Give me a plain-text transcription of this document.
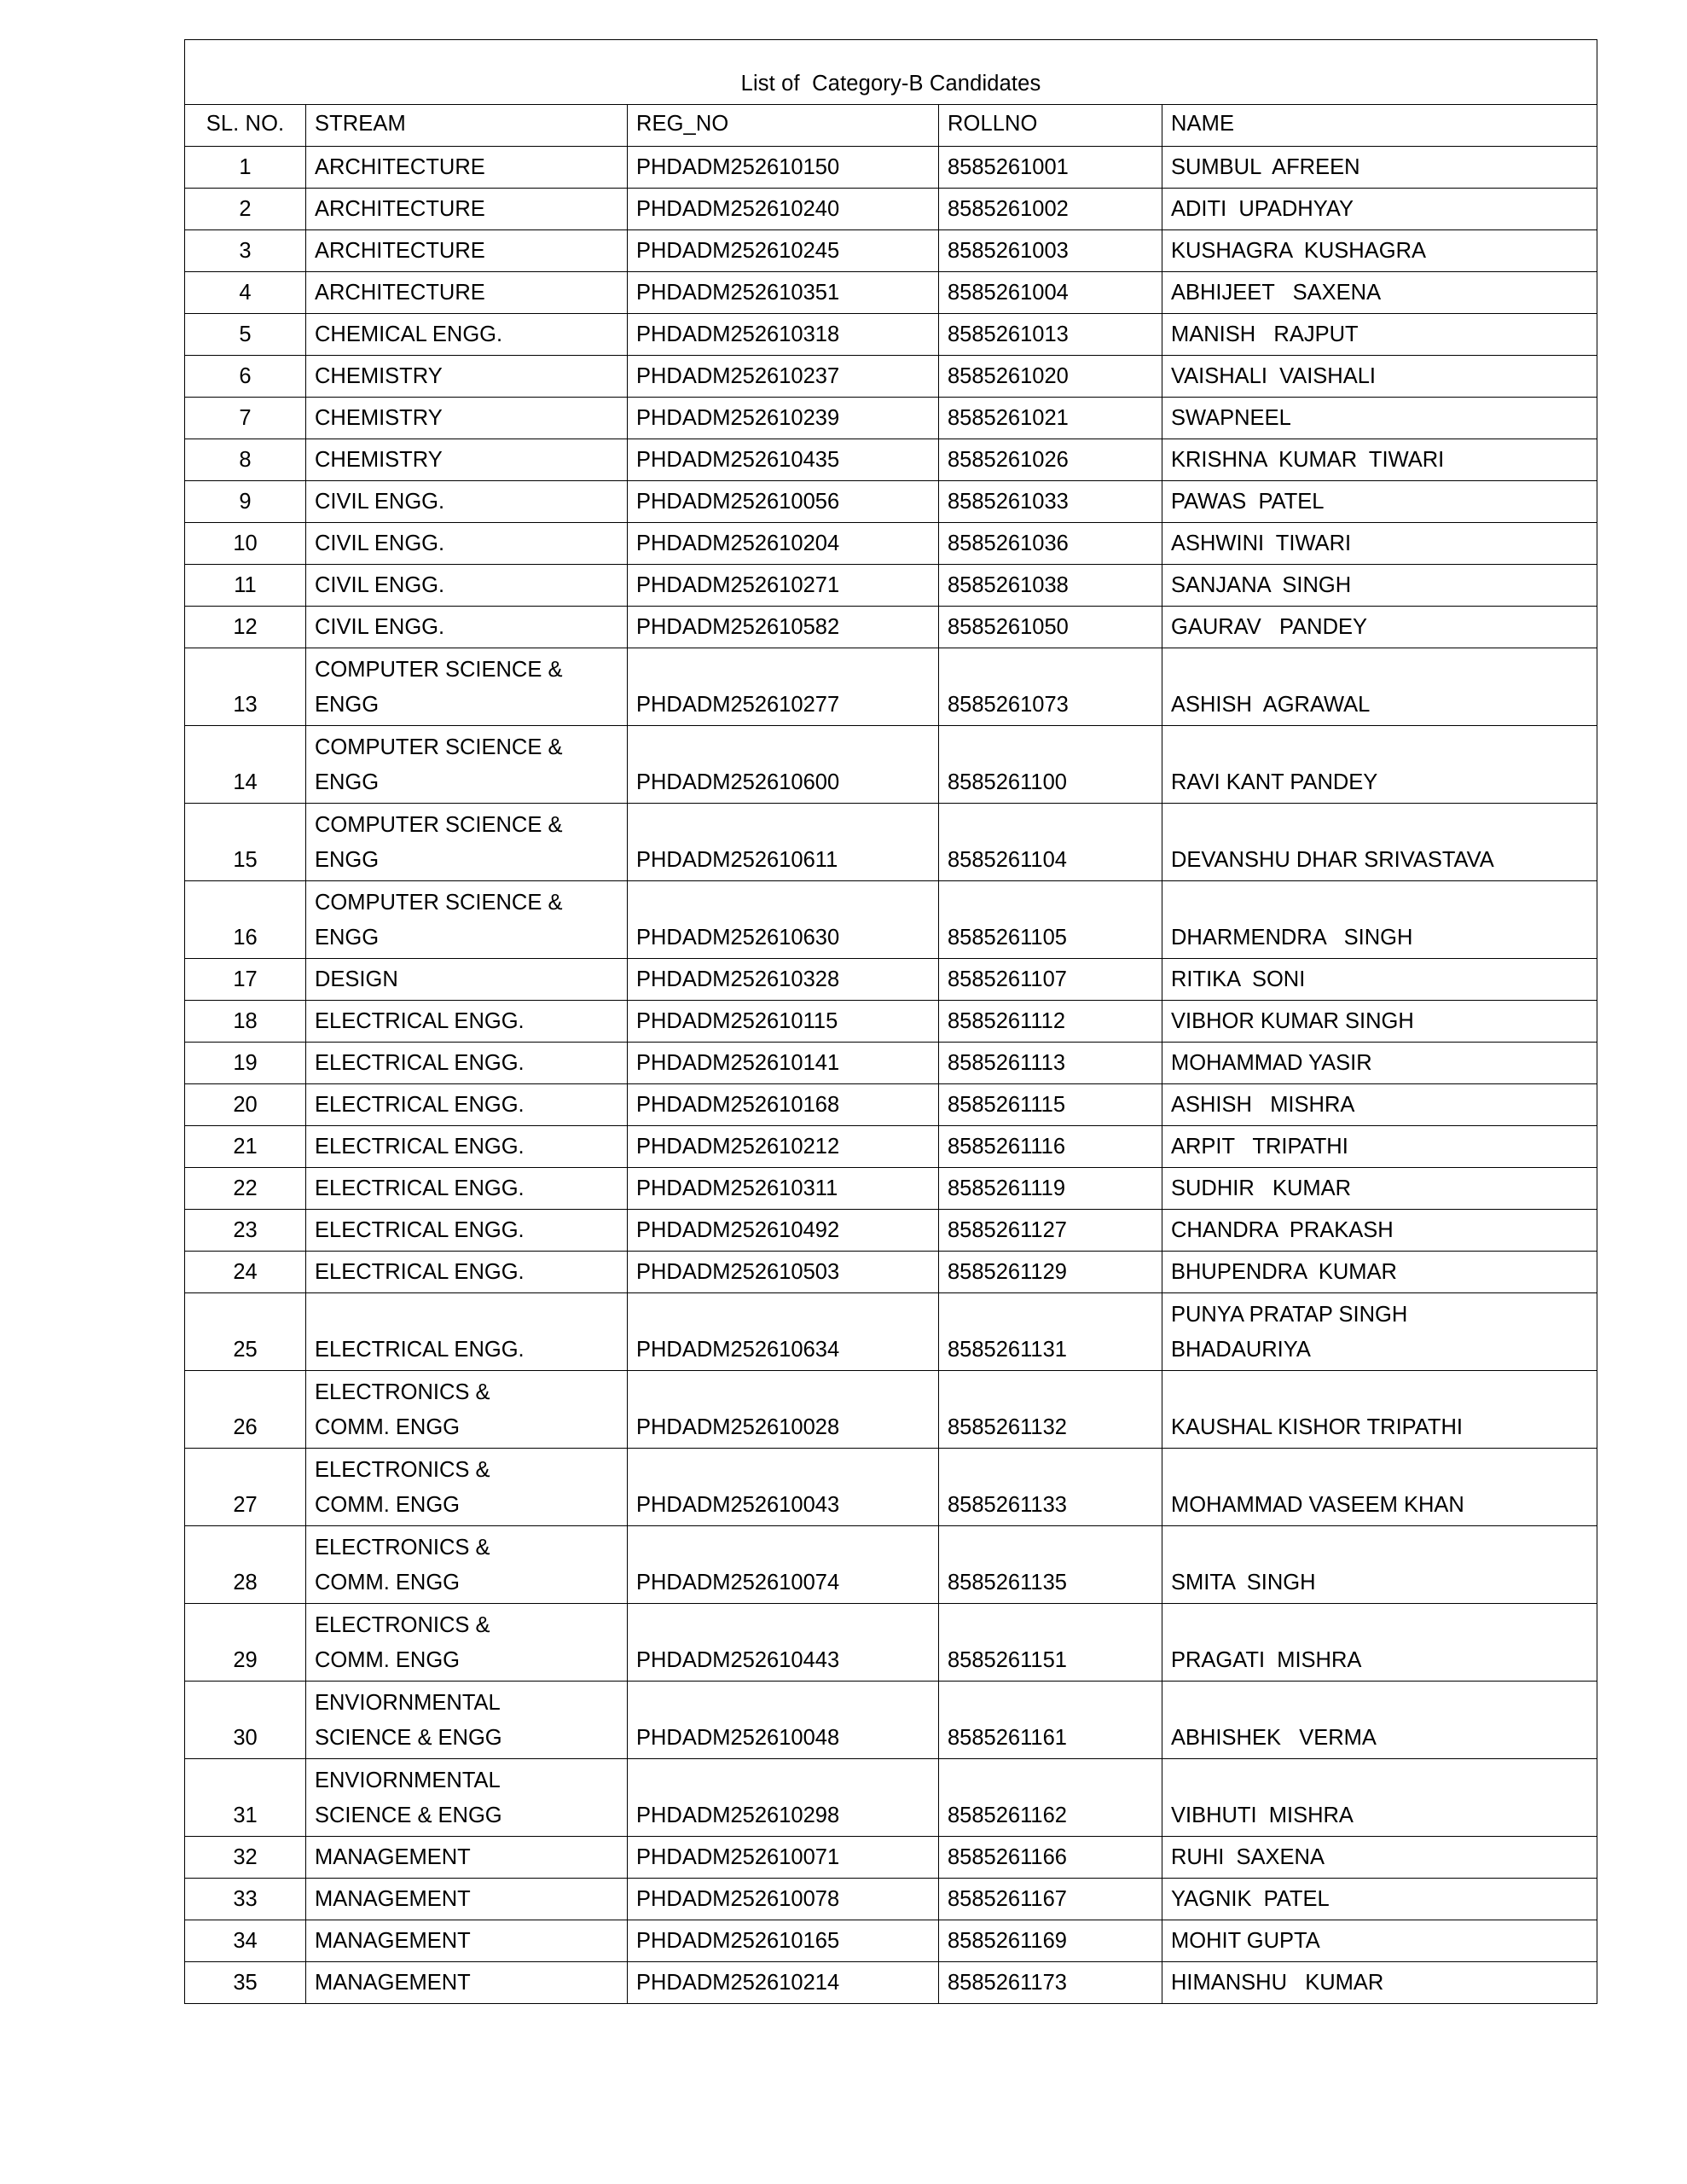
List of  Category-B Candidates				
SL. NO.	STREAM	REG_NO	ROLLNO	NAME
1	ARCHITECTURE	PHDADM252610150	8585261001	SUMBUL  AFREEN
2	ARCHITECTURE	PHDADM252610240	8585261002	ADITI  UPADHYAY
3	ARCHITECTURE	PHDADM252610245	8585261003	KUSHAGRA  KUSHAGRA
4	ARCHITECTURE	PHDADM252610351	8585261004	ABHIJEET   SAXENA
5	CHEMICAL ENGG.	PHDADM252610318	8585261013	MANISH   RAJPUT
6	CHEMISTRY	PHDADM252610237	8585261020	VAISHALI  VAISHALI
7	CHEMISTRY	PHDADM252610239	8585261021	SWAPNEEL
8	CHEMISTRY	PHDADM252610435	8585261026	KRISHNA  KUMAR  TIWARI
9	CIVIL ENGG.	PHDADM252610056	8585261033	PAWAS  PATEL
10	CIVIL ENGG.	PHDADM252610204	8585261036	ASHWINI  TIWARI
11	CIVIL ENGG.	PHDADM252610271	8585261038	SANJANA  SINGH
12	CIVIL ENGG.	PHDADM252610582	8585261050	GAURAV   PANDEY
13	COMPUTER SCIENCE &
ENGG	PHDADM252610277	8585261073	ASHISH  AGRAWAL
14	COMPUTER SCIENCE &
ENGG	PHDADM252610600	8585261100	RAVI KANT PANDEY
15	COMPUTER SCIENCE &
ENGG	PHDADM252610611	8585261104	DEVANSHU DHAR SRIVASTAVA
16	COMPUTER SCIENCE &
ENGG	PHDADM252610630	8585261105	DHARMENDRA   SINGH
17	DESIGN	PHDADM252610328	8585261107	RITIKA  SONI
18	ELECTRICAL ENGG.	PHDADM252610115	8585261112	VIBHOR KUMAR SINGH
19	ELECTRICAL ENGG.	PHDADM252610141	8585261113	MOHAMMAD YASIR
20	ELECTRICAL ENGG.	PHDADM252610168	8585261115	ASHISH   MISHRA
21	ELECTRICAL ENGG.	PHDADM252610212	8585261116	ARPIT   TRIPATHI
22	ELECTRICAL ENGG.	PHDADM252610311	8585261119	SUDHIR   KUMAR
23	ELECTRICAL ENGG.	PHDADM252610492	8585261127	CHANDRA  PRAKASH
24	ELECTRICAL ENGG.	PHDADM252610503	8585261129	BHUPENDRA  KUMAR
25	ELECTRICAL ENGG.	PHDADM252610634	8585261131	PUNYA PRATAP SINGH
BHADAURIYA

26	ELECTRONICS &
COMM. ENGG	PHDADM252610028	8585261132	KAUSHAL KISHOR TRIPATHI
27	ELECTRONICS &
COMM. ENGG	PHDADM252610043	8585261133	MOHAMMAD VASEEM KHAN
28	ELECTRONICS &
COMM. ENGG	PHDADM252610074	8585261135	SMITA  SINGH
29	ELECTRONICS &
COMM. ENGG	PHDADM252610443	8585261151	PRAGATI  MISHRA
30	ENVIORNMENTAL
SCIENCE & ENGG	PHDADM252610048	8585261161	ABHISHEK   VERMA
31	ENVIORNMENTAL
SCIENCE & ENGG	PHDADM252610298	8585261162	VIBHUTI  MISHRA
32	MANAGEMENT	PHDADM252610071	8585261166	RUHI  SAXENA
33	MANAGEMENT	PHDADM252610078	8585261167	YAGNIK  PATEL
34	MANAGEMENT	PHDADM252610165	8585261169	MOHIT GUPTA
35	MANAGEMENT	PHDADM252610214	8585261173	HIMANSHU   KUMAR
